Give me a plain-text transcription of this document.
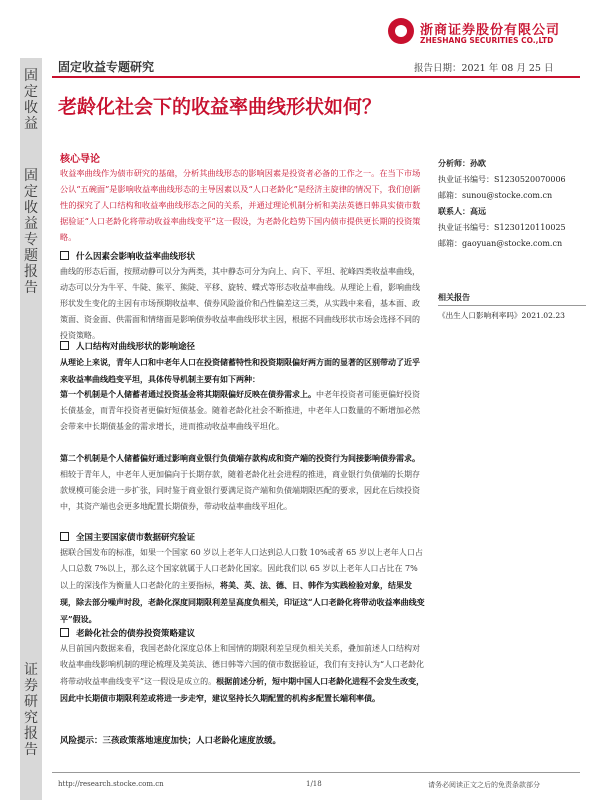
固定收益
固定收益专题报告
证券研究报告
浙商证券股份有限公司
ZHESHANG SECURITIES CO.,LTD
固定收益专题研究	报告日期：2021 年 08 月 25 日
老龄化社会下的收益率曲线形状如何？
核心导论
收益率曲线作为债市研究的基础，分析其曲线形态的影响因素是投资者必备的工作之一。在当下市场公认“五碗面”是影响收益率曲线形态的主导因素以及“人口老龄化”是经济主旋律的情况下，我们创新性的探究了人口结构和收益率曲线形态之间的关系，并通过理论机制分析和美法英德日韩具实债市数据验证“人口老龄化将带动收益率曲线变平”这一假设，为老龄化趋势下国内债市提供更长期的投资策略。
什么因素会影响收益率曲线形状
曲线的形态后面，按照动静可以分为两类，其中静态可分为向上、向下、平坦、驼峰四类收益率曲线，动态可以分为牛平、牛陡、熊平、熊陡、平移、旋转、蝶式等形态收益率曲线。从理论上看，影响曲线形状发生变化的主因有市场预期收益率、债券风险溢价和凸性偏差这三类，从实践中来看，基本面、政策面、资金面、供需面和情绪面是影响债券收益率曲线形状主因，根据不同曲线形状市场会选择不同的投资策略。
人口结构对曲线形状的影响途径
从理论上来说，青年人口和中老年人口在投资储蓄特性和投资期限偏好两方面的显著的区别带动了近乎来收益率曲线趋变平坦，具体传导机制主要有如下两种：
第一个机制是个人储蓄者通过投资基金将其期限偏好反映在债券需求上。中老年投资者可能更偏好投资长债基金，而青年投资者更偏好短债基金。随着老龄化社会不断推进，中老年人口数量的不断增加必然会带来中长期债基金的需求增长，进而推动收益率曲线平坦化。
第二个机制是个人储蓄偏好通过影响商业银行负债端存款构成和资产端的投资行为间接影响债券需求。相较于青年人，中老年人更加偏向于长期存款，随着老龄化社会进程的推进，商业银行负债端的长期存款规模可能会进一步扩张，同时鉴于商业银行要满足资产端和负债端期限匹配的要求，因此在后续投资中，其资产端也会更多地配置长期债券，带动收益率曲线平坦化。
全国主要国家债市数据研究验证
据联合国发布的标准，如果一个国家 60 岁以上老年人口达到总人口数 10%或者 65 岁以上老年人口占人口总数 7%以上，那么这个国家就属于人口老龄化国家。因此我们以 65 岁以上老年人口占比在 7%以上的深浅作为衡量人口老龄化的主要指标，将美、英、法、德、日、韩作为实践检验对象，结果发现，除去部分噪声时段，老龄化深度同期限利差呈高度负相关，印证这“人口老龄化将带动收益率曲线变平”假设。
老龄化社会的债券投资策略建议
从目前国内数据来看，我国老龄化深度总体上和国情的期限利差呈现负相关关系，叠加前述人口结构对收益率曲线影响机制的理论梳理及美英法、德日韩等六国的债市数据验证，我们有支持认为“人口老龄化将带动收益率曲线变平”这一假设是成立的。根据前述分析，短中期中国人口老龄化进程不会发生改变，因此中长期债市期限利差或将进一步走窄，建议坚持长久期配置的机构多配置长端利率债。
分析师：孙欧
执业证书编号：S1230520070006
邮箱：sunou@stocke.com.cn
联系人：高远
执业证书编号：S1230120110025
邮箱：gaoyuan@stocke.com.cn
相关报告
《出生人口影响利率吗》2021.02.23
风险提示：三孩政策落地速度加快；人口老龄化速度放缓。
http://research.stocke.com.cn	1/18	请务必阅读正文之后的免责条款部分
